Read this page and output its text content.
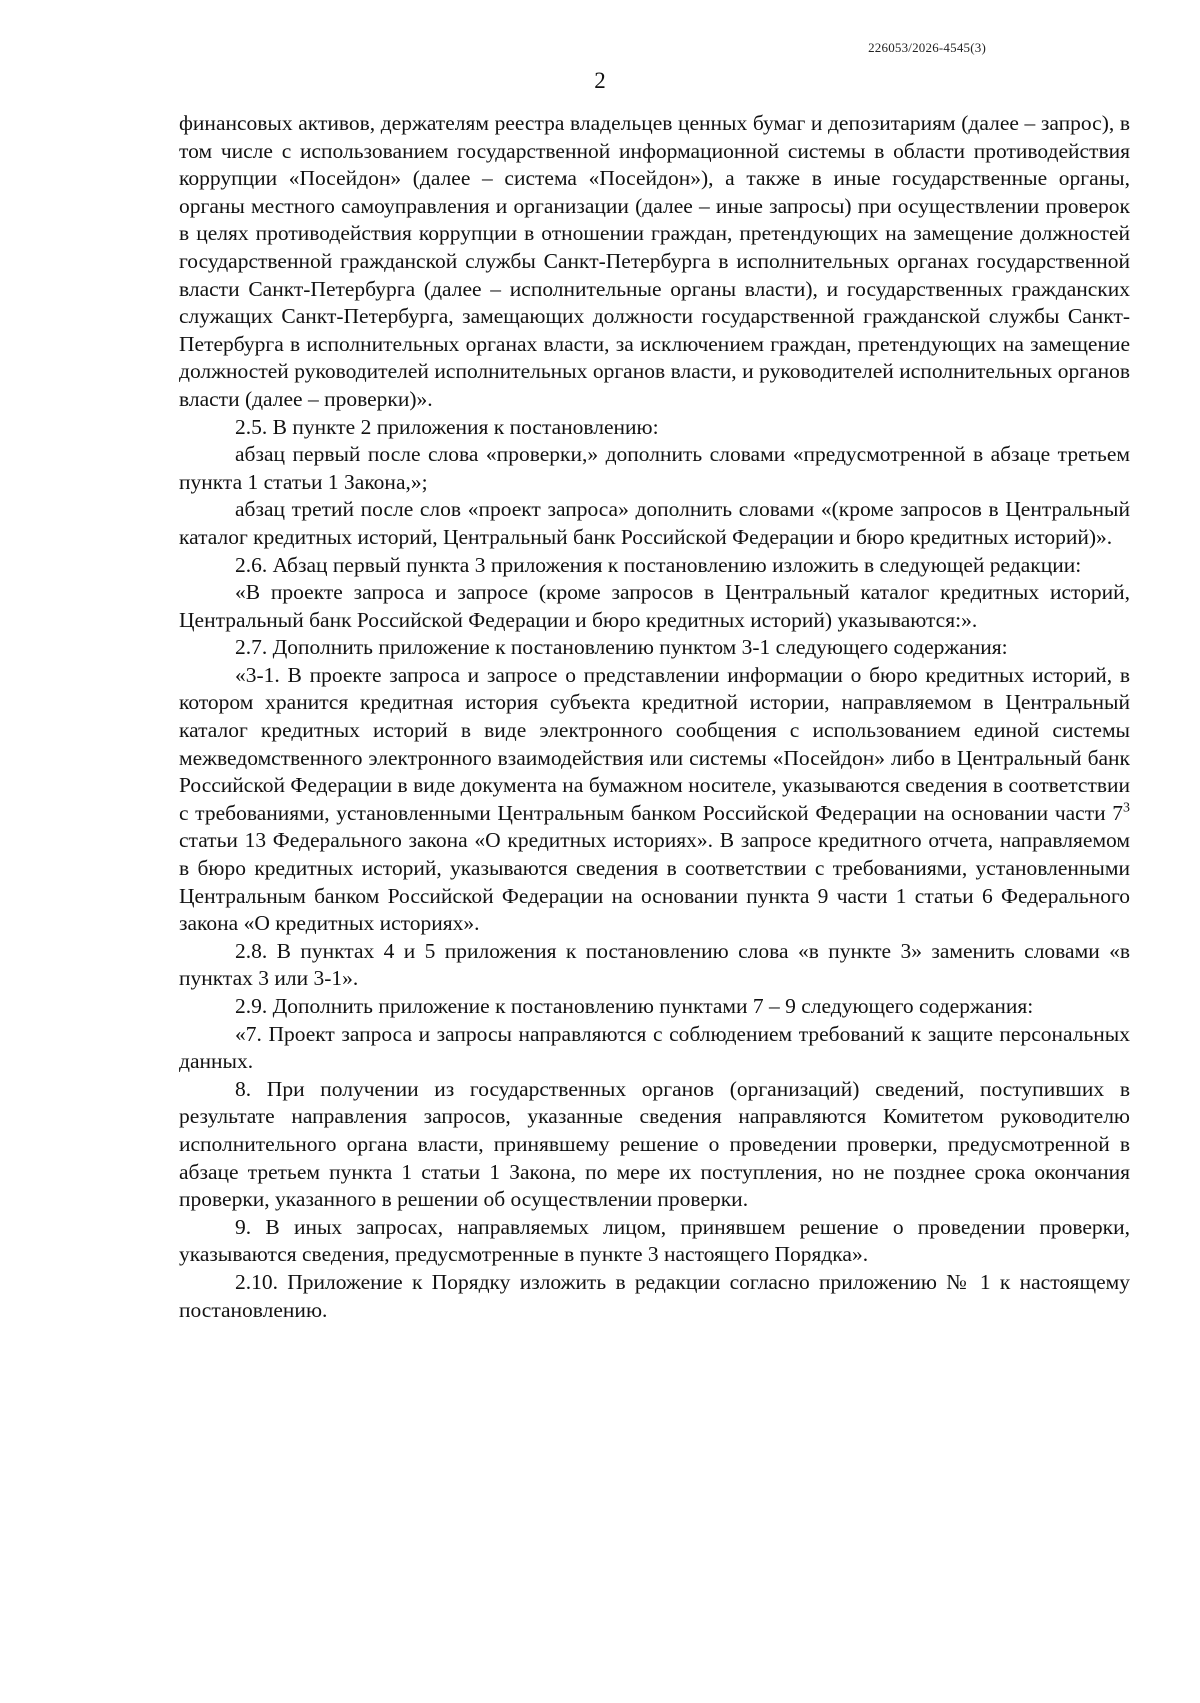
226053/2026-4545(3)
2

финансовых активов, держателям реестра владельцев ценных бумаг и депозитариям (далее – запрос), в том числе с использованием государственной информационной системы в области противодействия коррупции «Посейдон» (далее – система «Посейдон»), а также в иные государственные органы, органы местного самоуправления и организации (далее – иные запросы) при осуществлении проверок в целях противодействия коррупции в отношении граждан, претендующих на замещение должностей государственной гражданской службы Санкт-Петербурга в исполнительных органах государственной власти Санкт-Петербурга (далее – исполнительные органы власти), и государственных гражданских служащих Санкт-Петербурга, замещающих должности государственной гражданской службы Санкт-Петербурга в исполнительных органах власти, за исключением граждан, претендующих на замещение должностей руководителей исполнительных органов власти, и руководителей исполнительных органов власти (далее – проверки)».

2.5. В пункте 2 приложения к постановлению:

абзац первый после слова «проверки,» дополнить словами «предусмотренной в абзаце третьем пункта 1 статьи 1 Закона,»;

абзац третий после слов «проект запроса» дополнить словами «(кроме запросов в Центральный каталог кредитных историй, Центральный банк Российской Федерации и бюро кредитных историй)».

2.6. Абзац первый пункта 3 приложения к постановлению изложить в следующей редакции:

«В проекте запроса и запросе (кроме запросов в Центральный каталог кредитных историй, Центральный банк Российской Федерации и бюро кредитных историй) указываются:».

2.7. Дополнить приложение к постановлению пунктом 3-1 следующего содержания:

«3-1. В проекте запроса и запросе о представлении информации о бюро кредитных историй, в котором хранится кредитная история субъекта кредитной истории, направляемом в Центральный каталог кредитных историй в виде электронного сообщения с использованием единой системы межведомственного электронного взаимодействия или системы «Посейдон» либо в Центральный банк Российской Федерации в виде документа на бумажном носителе, указываются сведения в соответствии с требованиями, установленными Центральным банком Российской Федерации на основании части $7^3$ статьи 13 Федерального закона «О кредитных историях». В запросе кредитного отчета, направляемом в бюро кредитных историй, указываются сведения в соответствии с требованиями, установленными Центральным банком Российской Федерации на основании пункта 9 части 1 статьи 6 Федерального закона «О кредитных историях».

2.8. В пунктах 4 и 5 приложения к постановлению слова «в пункте 3» заменить словами «в пунктах 3 или 3-1».

2.9. Дополнить приложение к постановлению пунктами 7 – 9 следующего содержания:

«7. Проект запроса и запросы направляются с соблюдением требований к защите персональных данных.

8. При получении из государственных органов (организаций) сведений, поступивших в результате направления запросов, указанные сведения направляются Комитетом руководителю исполнительного органа власти, принявшему решение о проведении проверки, предусмотренной в абзаце третьем пункта 1 статьи 1 Закона, по мере их поступления, но не позднее срока окончания проверки, указанного в решении об осуществлении проверки.

9. В иных запросах, направляемых лицом, принявшем решение о проведении проверки, указываются сведения, предусмотренные в пункте 3 настоящего Порядка».

2.10. Приложение к Порядку изложить в редакции согласно приложению № 1 к настоящему постановлению.
